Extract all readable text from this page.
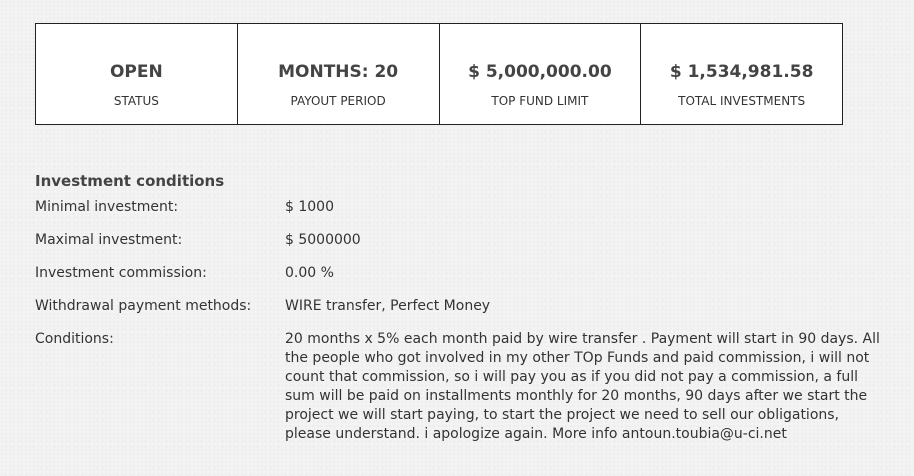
OPEN
STATUS
MONTHS: 20
PAYOUT PERIOD
$ 5,000,000.00
TOP FUND LIMIT
$ 1,534,981.58
TOTAL INVESTMENTS
Investment conditions
Minimal investment:	$ 1000
Maximal investment:	$ 5000000
Investment commission:	0.00 %
Withdrawal payment methods:	WIRE transfer, Perfect Money
Conditions:	20 months x 5% each month paid by wire transfer . Payment will start in 90 days. All the people who got involved in my other TOp Funds and paid commission, i will not count that commission, so i will pay you as if you did not pay a commission, a full sum will be paid on installments monthly for 20 months, 90 days after we start the project we will start paying, to start the project we need to sell our obligations, please understand. i apologize again. More info antoun.toubia@u-ci.net
